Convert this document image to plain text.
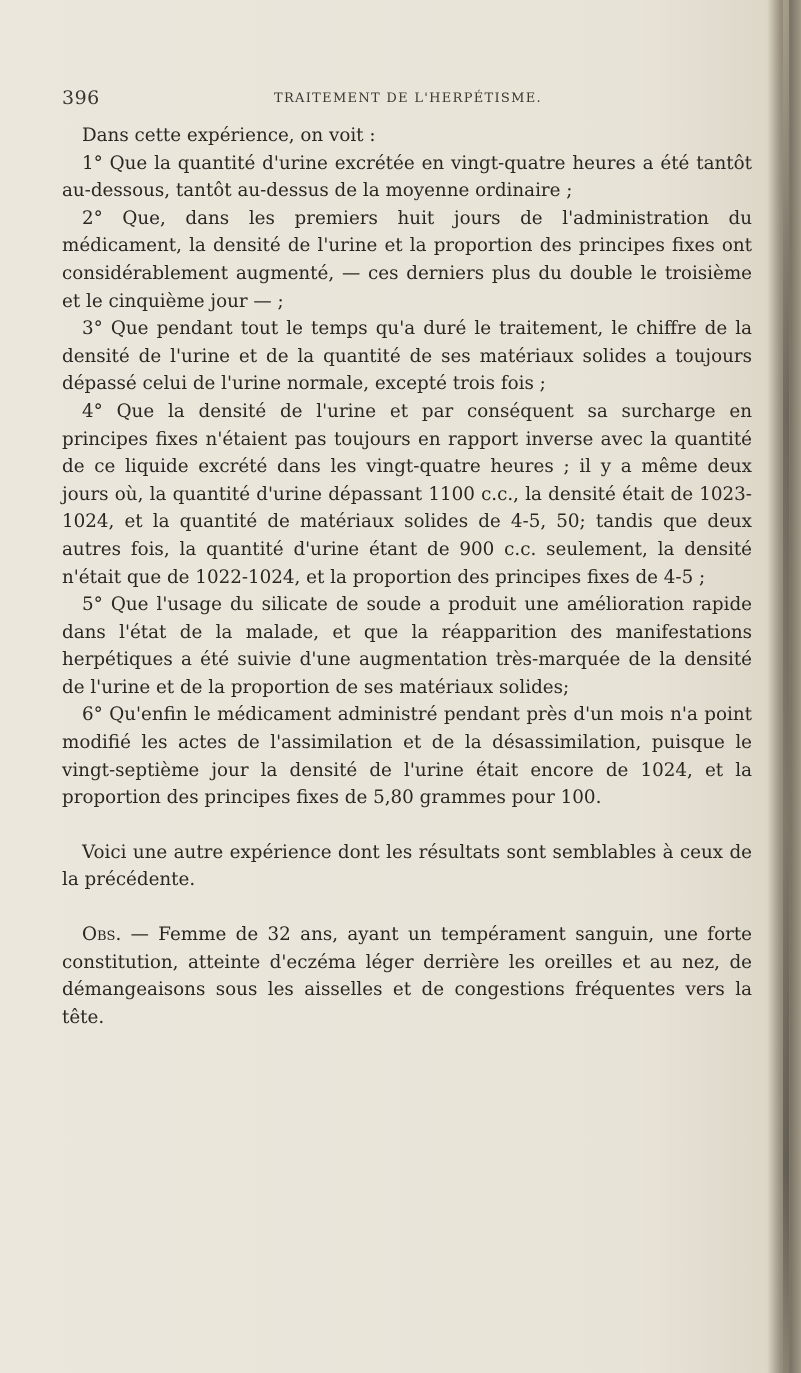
396	TRAITEMENT DE L'HERPÉTISME.

Dans cette expérience, on voit :

1° Que la quantité d'urine excrétée en vingt-quatre heures a été tantôt au-dessous, tantôt au-dessus de la moyenne ordinaire ;

2° Que, dans les premiers huit jours de l'administration du médicament, la densité de l'urine et la proportion des principes fixes ont considérablement augmenté, — ces derniers plus du double le troisième et le cinquième jour — ;

3° Que pendant tout le temps qu'a duré le traitement, le chiffre de la densité de l'urine et de la quantité de ses matériaux solides a toujours dépassé celui de l'urine normale, excepté trois fois ;

4° Que la densité de l'urine et par conséquent sa surcharge en principes fixes n'étaient pas toujours en rapport inverse avec la quantité de ce liquide excrété dans les vingt-quatre heures ; il y a même deux jours où, la quantité d'urine dépassant 1100 c.c., la densité était de 1023-1024, et la quantité de matériaux solides de 4-5, 50; tandis que deux autres fois, la quantité d'urine étant de 900 c.c. seulement, la densité n'était que de 1022-1024, et la proportion des principes fixes de 4-5 ;

5° Que l'usage du silicate de soude a produit une amélioration rapide dans l'état de la malade, et que la réapparition des manifestations herpétiques a été suivie d'une augmentation très-marquée de la densité de l'urine et de la proportion de ses matériaux solides;

6° Qu'enfin le médicament administré pendant près d'un mois n'a point modifié les actes de l'assimilation et de la désassimilation, puisque le vingt-septième jour la densité de l'urine était encore de 1024, et la proportion des principes fixes de 5,80 grammes pour 100.

Voici une autre expérience dont les résultats sont semblables à ceux de la précédente.

Obs. — Femme de 32 ans, ayant un tempérament sanguin, une forte constitution, atteinte d'eczéma léger derrière les oreilles et au nez, de démangeaisons sous les aisselles et de congestions fréquentes vers la tête.
